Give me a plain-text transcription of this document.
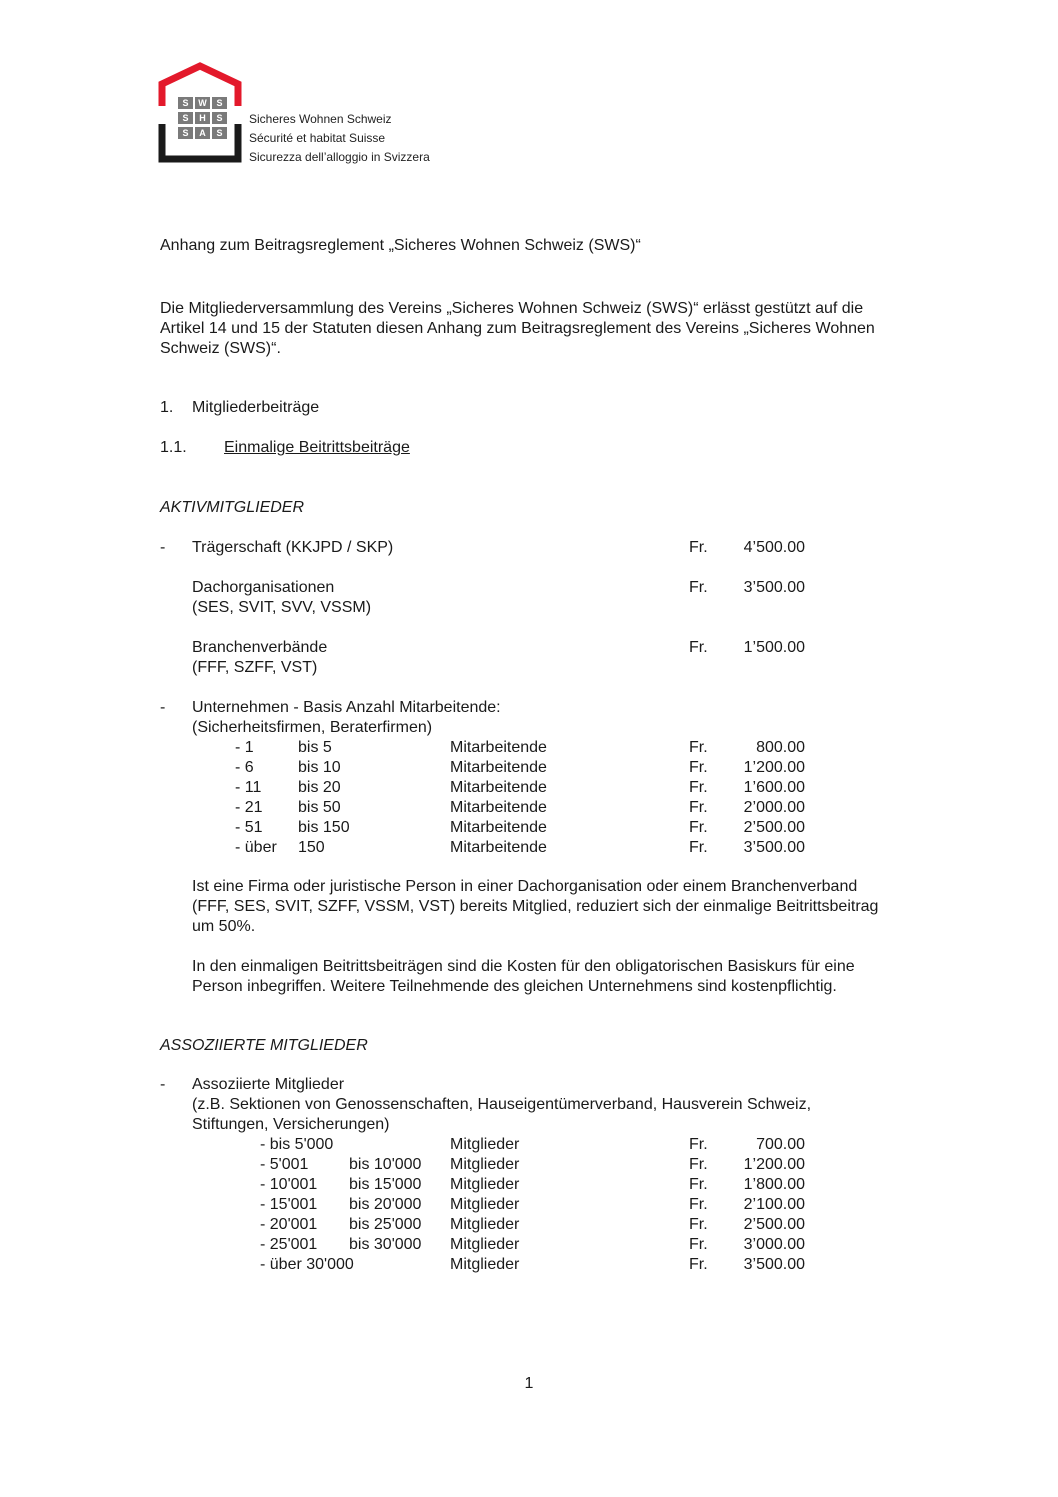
S	W	S
S	H	S
S	A	S
Sicheres Wohnen Schweiz
Sécurité et habitat Suisse
Sicurezza dell’alloggio in Svizzera
Anhang zum Beitragsreglement „Sicheres Wohnen Schweiz (SWS)“
Die Mitgliederversammlung des Vereins „Sicheres Wohnen Schweiz (SWS)“ erlässt gestützt auf die
Artikel 14 und 15 der Statuten diesen Anhang zum Beitragsreglement des Vereins „Sicheres Wohnen
Schweiz (SWS)“.
1. Mitgliederbeiträge
1.1. Einmalige Beitrittsbeiträge
AKTIVMITGLIEDER
- Trägerschaft (KKJPD / SKP)	Fr.	4’500.00
Dachorganisationen
(SES, SVIT, SVV, VSSM)
Fr.	3’500.00
Branchenverbände
(FFF, SZFF, VST)
Fr.	1’500.00
- Unternehmen - Basis Anzahl Mitarbeitende:
(Sicherheitsfirmen, Beraterfirmen)
- 1	bis 5	Mitarbeitende	Fr.	800.00
- 6	bis 10	Mitarbeitende	Fr.	1’200.00
- 11 bis 20	Mitarbeitende	Fr.	1’600.00
- 21 bis 50	Mitarbeitende	Fr.	2’000.00
- 51 bis 150	Mitarbeitende	Fr.	2’500.00
- über 150	Mitarbeitende	Fr.	3’500.00
Ist eine Firma oder juristische Person in einer Dachorganisation oder einem Branchenverband
(FFF, SES, SVIT, SZFF, VSSM, VST) bereits Mitglied, reduziert sich der einmalige Beitrittsbeitrag
um 50%.
In den einmaligen Beitrittsbeiträgen sind die Kosten für den obligatorischen Basiskurs für eine
Person inbegriffen. Weitere Teilnehmende des gleichen Unternehmens sind kostenpflichtig.
ASSOZIIERTE MITGLIEDER
- Assoziierte Mitglieder
(z.B. Sektionen von Genossenschaften, Hauseigentümerverband, Hausverein Schweiz,
Stiftungen, Versicherungen)
- bis 5'000	Mitglieder	Fr.	700.00
- 5'001	bis 10'000 Mitglieder	Fr.	1’200.00
- 10'001 bis 15'000 Mitglieder	Fr.	1’800.00
- 15'001 bis 20'000 Mitglieder	Fr.	2’100.00
- 20'001 bis 25'000 Mitglieder	Fr.	2’500.00
- 25'001 bis 30'000 Mitglieder	Fr.	3’000.00
- über 30'000	Mitglieder	Fr.	3’500.00
1
